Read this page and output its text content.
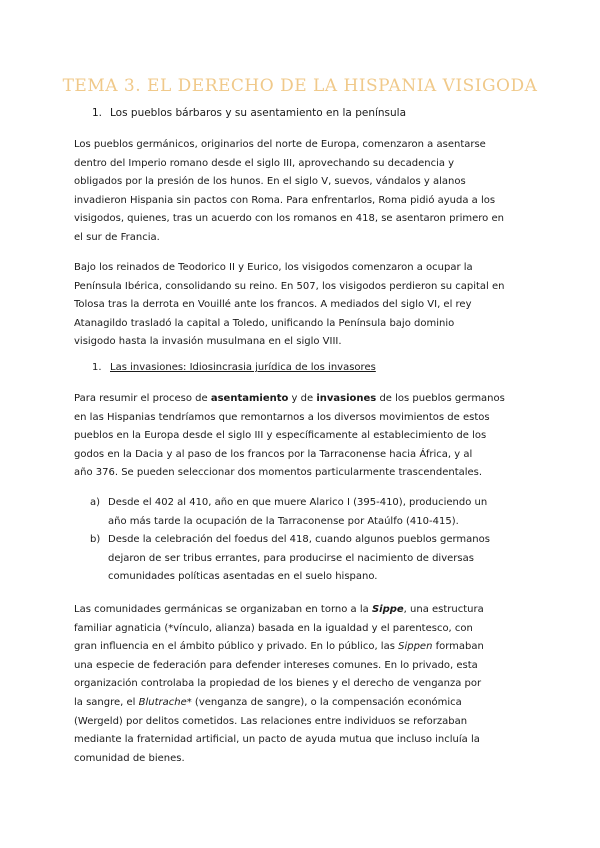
TEMA 3. EL DERECHO DE LA HISPANIA VISIGODA
1. Los pueblos bárbaros y su asentamiento en la península

Los pueblos germánicos, originarios del norte de Europa, comenzaron a asentarse
dentro del Imperio romano desde el siglo III, aprovechando su decadencia y
obligados por la presión de los hunos. En el siglo V, suevos, vándalos y alanos
invadieron Hispania sin pactos con Roma. Para enfrentarlos, Roma pidió ayuda a los
visigodos, quienes, tras un acuerdo con los romanos en 418, se asentaron primero en
el sur de Francia.

Bajo los reinados de Teodorico II y Eurico, los visigodos comenzaron a ocupar la
Península Ibérica, consolidando su reino. En 507, los visigodos perdieron su capital en
Tolosa tras la derrota en Vouillé ante los francos. A mediados del siglo VI, el rey
Atanagildo trasladó la capital a Toledo, unificando la Península bajo dominio
visigodo hasta la invasión musulmana en el siglo VIII.

1. Las invasiones: Idiosincrasia jurídica de los invasores

Para resumir el proceso de asentamiento y de invasiones de los pueblos germanos
en las Hispanias tendríamos que remontarnos a los diversos movimientos de estos
pueblos en la Europa desde el siglo III y específicamente al establecimiento de los
godos en la Dacia y al paso de los francos por la Tarraconense hacia África, y al
año 376. Se pueden seleccionar dos momentos particularmente trascendentales.

a) Desde el 402 al 410, año en que muere Alarico I (395-410), produciendo un
año más tarde la ocupación de la Tarraconense por Ataúlfo (410-415).
b) Desde la celebración del foedus del 418, cuando algunos pueblos germanos
dejaron de ser tribus errantes, para producirse el nacimiento de diversas
comunidades políticas asentadas en el suelo hispano.

Las comunidades germánicas se organizaban en torno a la Sippe, una estructura
familiar agnaticia (*vínculo, alianza) basada en la igualdad y el parentesco, con
gran influencia en el ámbito público y privado. En lo público, las Sippen formaban
una especie de federación para defender intereses comunes. En lo privado, esta
organización controlaba la propiedad de los bienes y el derecho de venganza por
la sangre, el Blutrache* (venganza de sangre), o la compensación económica
(Wergeld) por delitos cometidos. Las relaciones entre individuos se reforzaban
mediante la fraternidad artificial, un pacto de ayuda mutua que incluso incluía la
comunidad de bienes.
